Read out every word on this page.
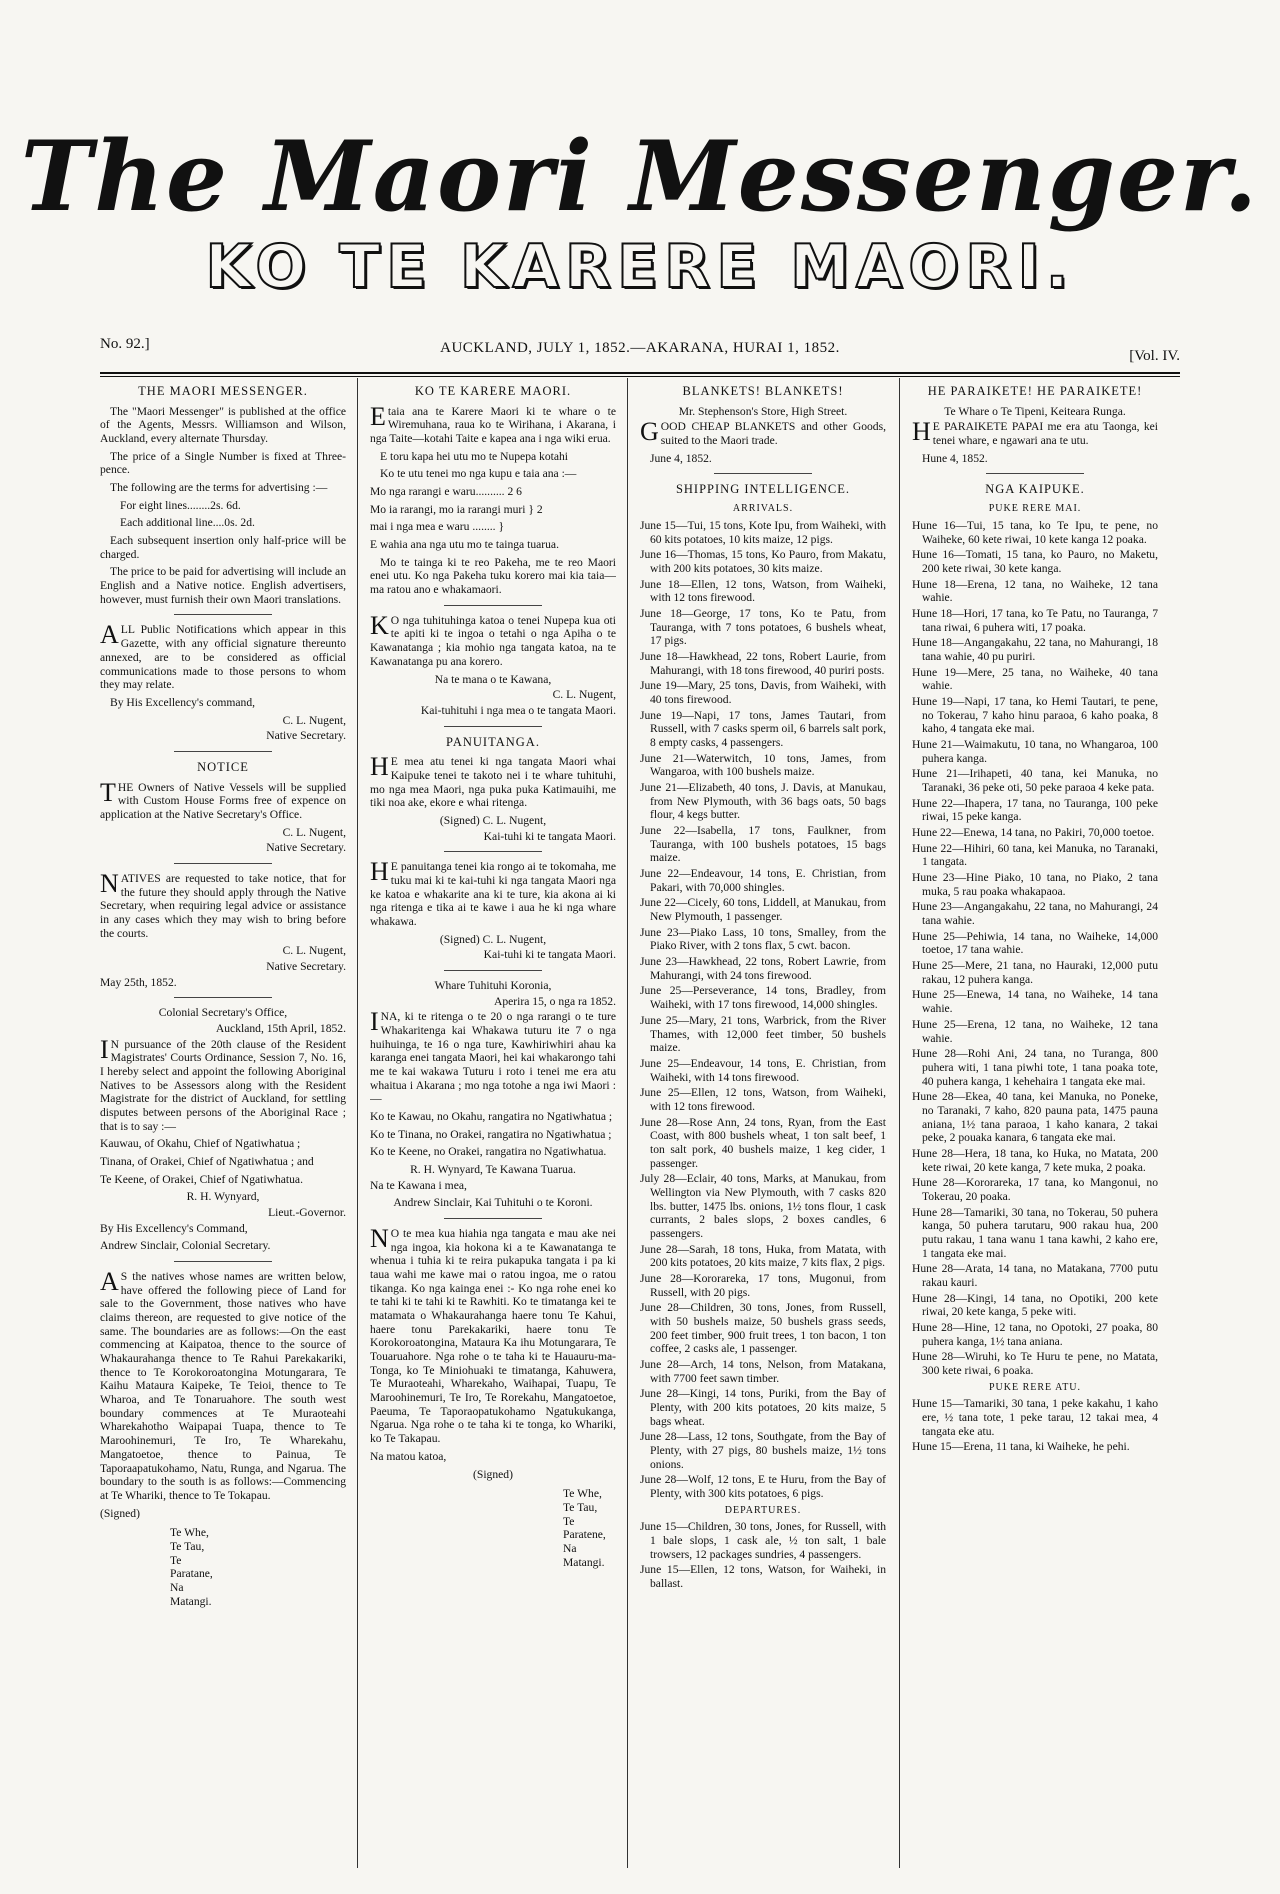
The Maori Messenger.
KO TE KARERE MAORI.
No. 92.]	AUCKLAND, JULY 1, 1852.—AKARANA, HURAI 1, 1852.	[Vol. IV.
THE MAORI MESSENGER.

The "Maori Messenger" is published at the office of the Agents, Messrs. Williamson and Wilson, Auckland, every alternate Thursday.

The price of a Single Number is fixed at Three-pence.

The following are the terms for advertising :—

For eight lines........2s. 6d.

Each additional line....0s. 2d.

Each subsequent insertion only half-price will be charged.

The price to be paid for advertising will include an English and a Native notice. English advertisers, however, must furnish their own Maori translations.

ALL Public Notifications which appear in this Gazette, with any official signature thereunto annexed, are to be considered as official communications made to those persons to whom they may relate.

By His Excellency's command,

C. L. Nugent,

Native Secretary.

NOTICE

THE Owners of Native Vessels will be supplied with Custom House Forms free of expence on application at the Native Secretary's Office.

C. L. Nugent,

Native Secretary.

NATIVES are requested to take notice, that for the future they should apply through the Native Secretary, when requiring legal advice or assistance in any cases which they may wish to bring before the courts.

C. L. Nugent,

Native Secretary.

May 25th, 1852.

Colonial Secretary's Office,

Auckland, 15th April, 1852.

IN pursuance of the 20th clause of the Resident Magistrates' Courts Ordinance, Session 7, No. 16, I hereby select and appoint the following Aboriginal Natives to be Assessors along with the Resident Magistrate for the district of Auckland, for settling disputes between persons of the Aboriginal Race ; that is to say :—

Kauwau, of Okahu, Chief of Ngatiwhatua ;

Tinana, of Orakei, Chief of Ngatiwhatua ; and

Te Keene, of Orakei, Chief of Ngatiwhatua.

R. H. Wynyard,

Lieut.-Governor.

By His Excellency's Command,

Andrew Sinclair, Colonial Secretary.

AS the natives whose names are written below, have offered the following piece of Land for sale to the Government, those natives who have claims thereon, are requested to give notice of the same. The boundaries are as follows:—On the east commencing at Kaipatoa, thence to the source of Whakaurahanga thence to Te Rahui Parekakariki, thence to Te Korokoroatongina Motungarara, Te Kaihu Mataura Kaipeke, Te Teioi, thence to Te Wharoa, and Te Tonaruahore. The south west boundary commences at Te Muraoteahi Wharekahotho Waipapai Tuapa, thence to Te Maroohinemuri, Te Iro, Te Wharekahu, Mangatoetoe, thence to Painua, Te Taporaapatukohamo, Natu, Runga, and Ngarua. The boundary to the south is as follows:—Commencing at Te Whariki, thence to Te Tokapau.

(Signed)

Te Whe,
Te Tau,
Te Paratane,
Na Matangi.
KO TE KARERE MAORI.

Etaia ana te Karere Maori ki te whare o te Wiremuhana, raua ko te Wirihana, i Akarana, i nga Taite—kotahi Taite e kapea ana i nga wiki erua.

E toru kapa hei utu mo te Nupepa kotahi

Ko te utu tenei mo nga kupu e taia ana :—

Mo nga rarangi e waru.......... 2 6

Mo ia rarangi, mo ia rarangi muri } 2

mai i nga mea e waru ........ }

E wahia ana nga utu mo te tainga tuarua.

Mo te tainga ki te reo Pakeha, me te reo Maori enei utu. Ko nga Pakeha tuku korero mai kia taia—ma ratou ano e whakamaori.

KO nga tuhituhinga katoa o tenei Nupepa kua oti te apiti ki te ingoa o tetahi o nga Apiha o te Kawanatanga ; kia mohio nga tangata katoa, na te Kawanatanga pu ana korero.

Na te mana o te Kawana,

C. L. Nugent,

Kai-tuhituhi i nga mea o te tangata Maori.

PANUITANGA.

HE mea atu tenei ki nga tangata Maori whai Kaipuke tenei te takoto nei i te whare tuhituhi, mo nga mea Maori, nga puka puka Katimauihi, me tiki noa ake, ekore e whai ritenga.

(Signed) C. L. Nugent,

Kai-tuhi ki te tangata Maori.

HE panuitanga tenei kia rongo ai te tokomaha, me tuku mai ki te kai-tuhi ki nga tangata Maori nga ke katoa e whakarite ana ki te ture, kia akona ai ki nga ritenga e tika ai te kawe i aua he ki nga whare whakawa.

(Signed) C. L. Nugent,

Kai-tuhi ki te tangata Maori.

Whare Tuhituhi Koronia,

Aperira 15, o nga ra 1852.

INA, ki te ritenga o te 20 o nga rarangi o te ture Whakaritenga kai Whakawa tuturu ite 7 o nga huihuinga, te 16 o nga ture, Kawhiriwhiri ahau ka karanga enei tangata Maori, hei kai whakarongo tahi me te kai wakawa Tuturu i roto i tenei me era atu whaitua i Akarana ; mo nga totohe a nga iwi Maori :—

Ko te Kawau, no Okahu, rangatira no Ngatiwhatua ;

Ko te Tinana, no Orakei, rangatira no Ngatiwhatua ;

Ko te Keene, no Orakei, rangatira no Ngatiwhatua.

R. H. Wynyard, Te Kawana Tuarua.

Na te Kawana i mea,

Andrew Sinclair, Kai Tuhituhi o te Koroni.

NO te mea kua hiahia nga tangata e mau ake nei nga ingoa, kia hokona ki a te Kawanatanga te whenua i tuhia ki te reira pukapuka tangata i pa ki taua wahi me kawe mai o ratou ingoa, me o ratou tikanga. Ko nga kainga enei :- Ko nga rohe enei ko te tahi ki te tahi ki te Rawhiti. Ko te timatanga kei te matamata o Whakaurahanga haere tonu Te Kahui, haere tonu Parekakariki, haere tonu Te Korokoroatongina, Mataura Ka ihu Motungarara, Te Touaruahore. Nga rohe o te taha ki te Hauauru-ma-Tonga, ko Te Miniohuaki te timatanga, Kahuwera, Te Muraoteahi, Wharekaho, Waihapai, Tuapu, Te Maroohinemuri, Te Iro, Te Rorekahu, Mangatoetoe, Paeuma, Te Taporaopatukohamo Ngatukukanga, Ngarua. Nga rohe o te taha ki te tonga, ko Whariki, ko Te Takapau.

Na matou katoa,

(Signed)

Te Whe,
Te Tau,
Te Paratene,
Na Matangi.
BLANKETS! BLANKETS!

Mr. Stephenson's Store, High Street.

GOOD CHEAP BLANKETS and other Goods, suited to the Maori trade.

June 4, 1852.

SHIPPING INTELLIGENCE.

ARRIVALS.

June 15—Tui, 15 tons, Kote Ipu, from Waiheki, with 60 kits potatoes, 10 kits maize, 12 pigs.

June 16—Thomas, 15 tons, Ko Pauro, from Makatu, with 200 kits potatoes, 30 kits maize.

June 18—Ellen, 12 tons, Watson, from Waiheki, with 12 tons firewood.

June 18—George, 17 tons, Ko te Patu, from Tauranga, with 7 tons potatoes, 6 bushels wheat, 17 pigs.

June 18—Hawkhead, 22 tons, Robert Laurie, from Mahurangi, with 18 tons firewood, 40 puriri posts.

June 19—Mary, 25 tons, Davis, from Waiheki, with 40 tons firewood.

June 19—Napi, 17 tons, James Tautari, from Russell, with 7 casks sperm oil, 6 barrels salt pork, 8 empty casks, 4 passengers.

June 21—Waterwitch, 10 tons, James, from Wangaroa, with 100 bushels maize.

June 21—Elizabeth, 40 tons, J. Davis, at Manukau, from New Plymouth, with 36 bags oats, 50 bags flour, 4 kegs butter.

June 22—Isabella, 17 tons, Faulkner, from Tauranga, with 100 bushels potatoes, 15 bags maize.

June 22—Endeavour, 14 tons, E. Christian, from Pakari, with 70,000 shingles.

June 22—Cicely, 60 tons, Liddell, at Manukau, from New Plymouth, 1 passenger.

June 23—Piako Lass, 10 tons, Smalley, from the Piako River, with 2 tons flax, 5 cwt. bacon.

June 23—Hawkhead, 22 tons, Robert Lawrie, from Mahurangi, with 24 tons firewood.

June 25—Perseverance, 14 tons, Bradley, from Waiheki, with 17 tons firewood, 14,000 shingles.

June 25—Mary, 21 tons, Warbrick, from the River Thames, with 12,000 feet timber, 50 bushels maize.

June 25—Endeavour, 14 tons, E. Christian, from Waiheki, with 14 tons firewood.

June 25—Ellen, 12 tons, Watson, from Waiheki, with 12 tons firewood.

June 28—Rose Ann, 24 tons, Ryan, from the East Coast, with 800 bushels wheat, 1 ton salt beef, 1 ton salt pork, 40 bushels maize, 1 keg cider, 1 passenger.

July 28—Eclair, 40 tons, Marks, at Manukau, from Wellington via New Plymouth, with 7 casks 820 lbs. butter, 1475 lbs. onions, 1½ tons flour, 1 cask currants, 2 bales slops, 2 boxes candles, 6 passengers.

June 28—Sarah, 18 tons, Huka, from Matata, with 200 kits potatoes, 20 kits maize, 7 kits flax, 2 pigs.

June 28—Kororareka, 17 tons, Mugonui, from Russell, with 20 pigs.

June 28—Children, 30 tons, Jones, from Russell, with 50 bushels maize, 50 bushels grass seeds, 200 feet timber, 900 fruit trees, 1 ton bacon, 1 ton coffee, 2 casks ale, 1 passenger.

June 28—Arch, 14 tons, Nelson, from Matakana, with 7700 feet sawn timber.

June 28—Kingi, 14 tons, Puriki, from the Bay of Plenty, with 200 kits potatoes, 20 kits maize, 5 bags wheat.

June 28—Lass, 12 tons, Southgate, from the Bay of Plenty, with 27 pigs, 80 bushels maize, 1½ tons onions.

June 28—Wolf, 12 tons, E te Huru, from the Bay of Plenty, with 300 kits potatoes, 6 pigs.

DEPARTURES.

June 15—Children, 30 tons, Jones, for Russell, with 1 bale slops, 1 cask ale, ½ ton salt, 1 bale trowsers, 12 packages sundries, 4 passengers.

June 15—Ellen, 12 tons, Watson, for Waiheki, in ballast.

HE PARAIKETE! HE PARAIKETE!

Te Whare o Te Tipeni, Keiteara Runga.

HE PARAIKETE PAPAI me era atu Taonga, kei tenei whare, e ngawari ana te utu.

Hune 4, 1852.

NGA KAIPUKE.

PUKE RERE MAI.

Hune 16—Tui, 15 tana, ko Te Ipu, te pene, no Waiheke, 60 kete riwai, 10 kete kanga 12 poaka.

Hune 16—Tomati, 15 tana, ko Pauro, no Maketu, 200 kete riwai, 30 kete kanga.

Hune 18—Erena, 12 tana, no Waiheke, 12 tana wahie.

Hune 18—Hori, 17 tana, ko Te Patu, no Tauranga, 7 tana riwai, 6 puhera witi, 17 poaka.

Hune 18—Angangakahu, 22 tana, no Mahurangi, 18 tana wahie, 40 pu puriri.

Hune 19—Mere, 25 tana, no Waiheke, 40 tana wahie.

Hune 19—Napi, 17 tana, ko Hemi Tautari, te pene, no Tokerau, 7 kaho hinu paraoa, 6 kaho poaka, 8 kaho, 4 tangata eke mai.

Hune 21—Waimakutu, 10 tana, no Whangaroa, 100 puhera kanga.

Hune 21—Irihapeti, 40 tana, kei Manuka, no Taranaki, 36 peke oti, 50 peke paraoa 4 keke pata.

Hune 22—Ihapera, 17 tana, no Tauranga, 100 peke riwai, 15 peke kanga.

Hune 22—Enewa, 14 tana, no Pakiri, 70,000 toetoe.

Hune 22—Hihiri, 60 tana, kei Manuka, no Taranaki, 1 tangata.

Hune 23—Hine Piako, 10 tana, no Piako, 2 tana muka, 5 rau poaka whakapaoa.

Hune 23—Angangakahu, 22 tana, no Mahurangi, 24 tana wahie.

Hune 25—Pehiwia, 14 tana, no Waiheke, 14,000 toetoe, 17 tana wahie.

Hune 25—Mere, 21 tana, no Hauraki, 12,000 putu rakau, 12 puhera kanga.

Hune 25—Enewa, 14 tana, no Waiheke, 14 tana wahie.

Hune 25—Erena, 12 tana, no Waiheke, 12 tana wahie.

Hune 28—Rohi Ani, 24 tana, no Turanga, 800 puhera witi, 1 tana piwhi tote, 1 tana poaka tote, 40 puhera kanga, 1 kehehaira 1 tangata eke mai.

Hune 28—Ekea, 40 tana, kei Manuka, no Poneke, no Taranaki, 7 kaho, 820 pauna pata, 1475 pauna aniana, 1½ tana paraoa, 1 kaho kanara, 2 takai peke, 2 pouaka kanara, 6 tangata eke mai.

Hune 28—Hera, 18 tana, ko Huka, no Matata, 200 kete riwai, 20 kete kanga, 7 kete muka, 2 poaka.

Hune 28—Kororareka, 17 tana, ko Mangonui, no Tokerau, 20 poaka.

Hune 28—Tamariki, 30 tana, no Tokerau, 50 puhera kanga, 50 puhera tarutaru, 900 rakau hua, 200 putu rakau, 1 tana wanu 1 tana kawhi, 2 kaho ere, 1 tangata eke mai.

Hune 28—Arata, 14 tana, no Matakana, 7700 putu rakau kauri.

Hune 28—Kingi, 14 tana, no Opotiki, 200 kete riwai, 20 kete kanga, 5 peke witi.

Hune 28—Hine, 12 tana, no Opotoki, 27 poaka, 80 puhera kanga, 1½ tana aniana.

Hune 28—Wiruhi, ko Te Huru te pene, no Matata, 300 kete riwai, 6 poaka.

PUKE RERE ATU.

Hune 15—Tamariki, 30 tana, 1 peke kakahu, 1 kaho ere, ½ tana tote, 1 peke tarau, 12 takai mea, 4 tangata eke atu.

Hune 15—Erena, 11 tana, ki Waiheke, he pehi.
